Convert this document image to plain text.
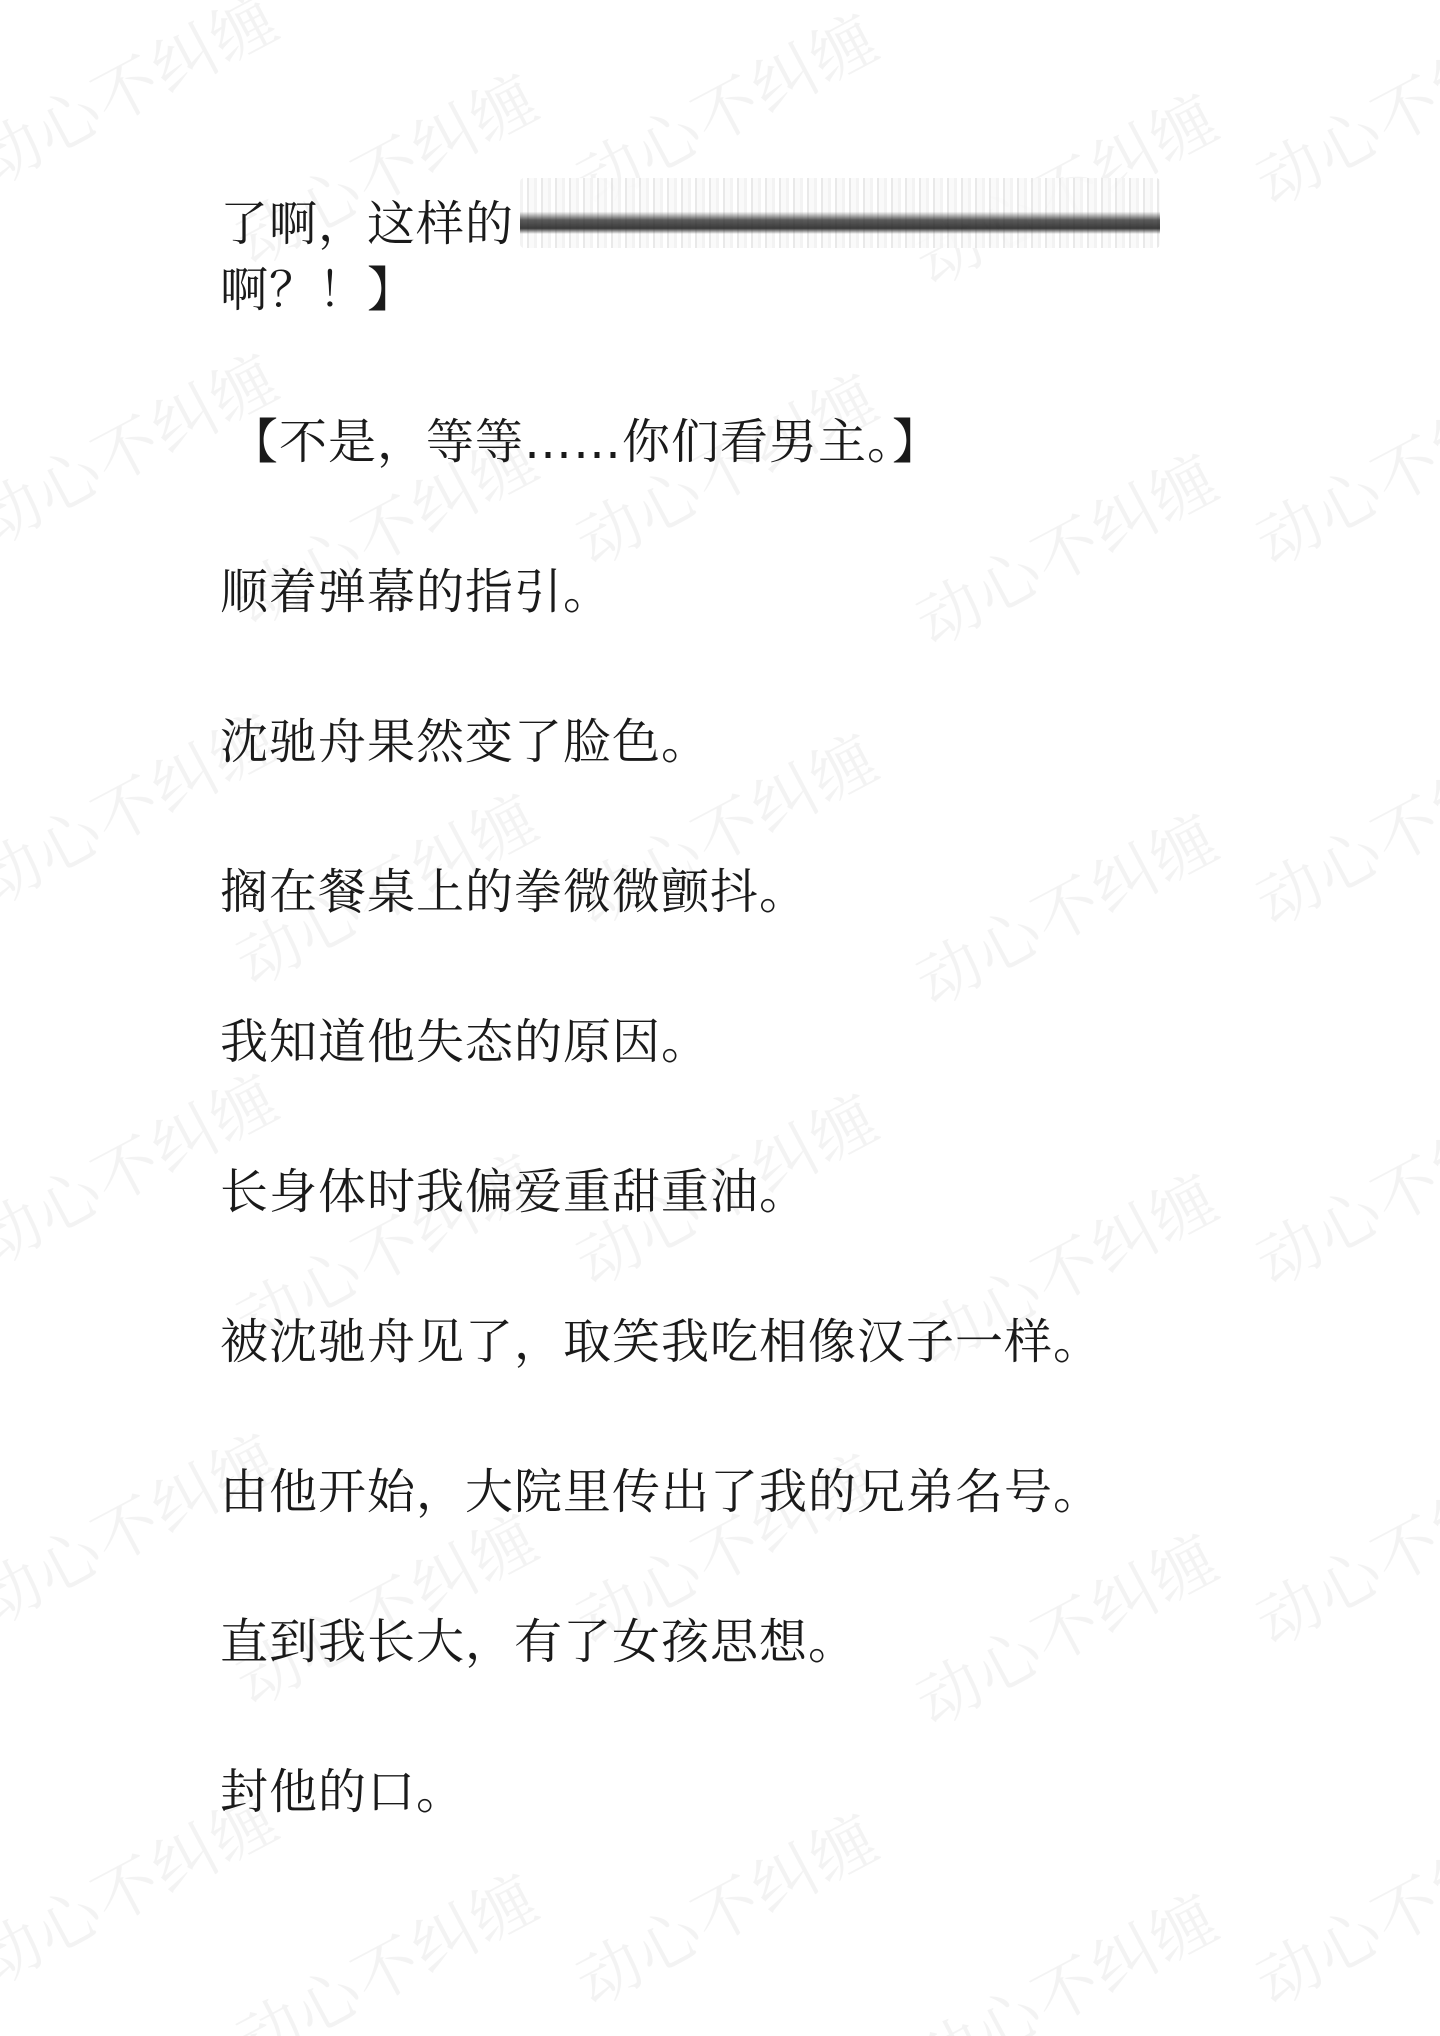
了啊，这样的
啊？！】
【不是，等等……你们看男主。】
顺着弹幕的指引。
沈驰舟果然变了脸色。
搁在餐桌上的拳微微颤抖。
我知道他失态的原因。
长身体时我偏爱重甜重油。
被沈驰舟见了，取笑我吃相像汉子一样。
由他开始，大院里传出了我的兄弟名号。
直到我长大，有了女孩思想。
封他的口。
